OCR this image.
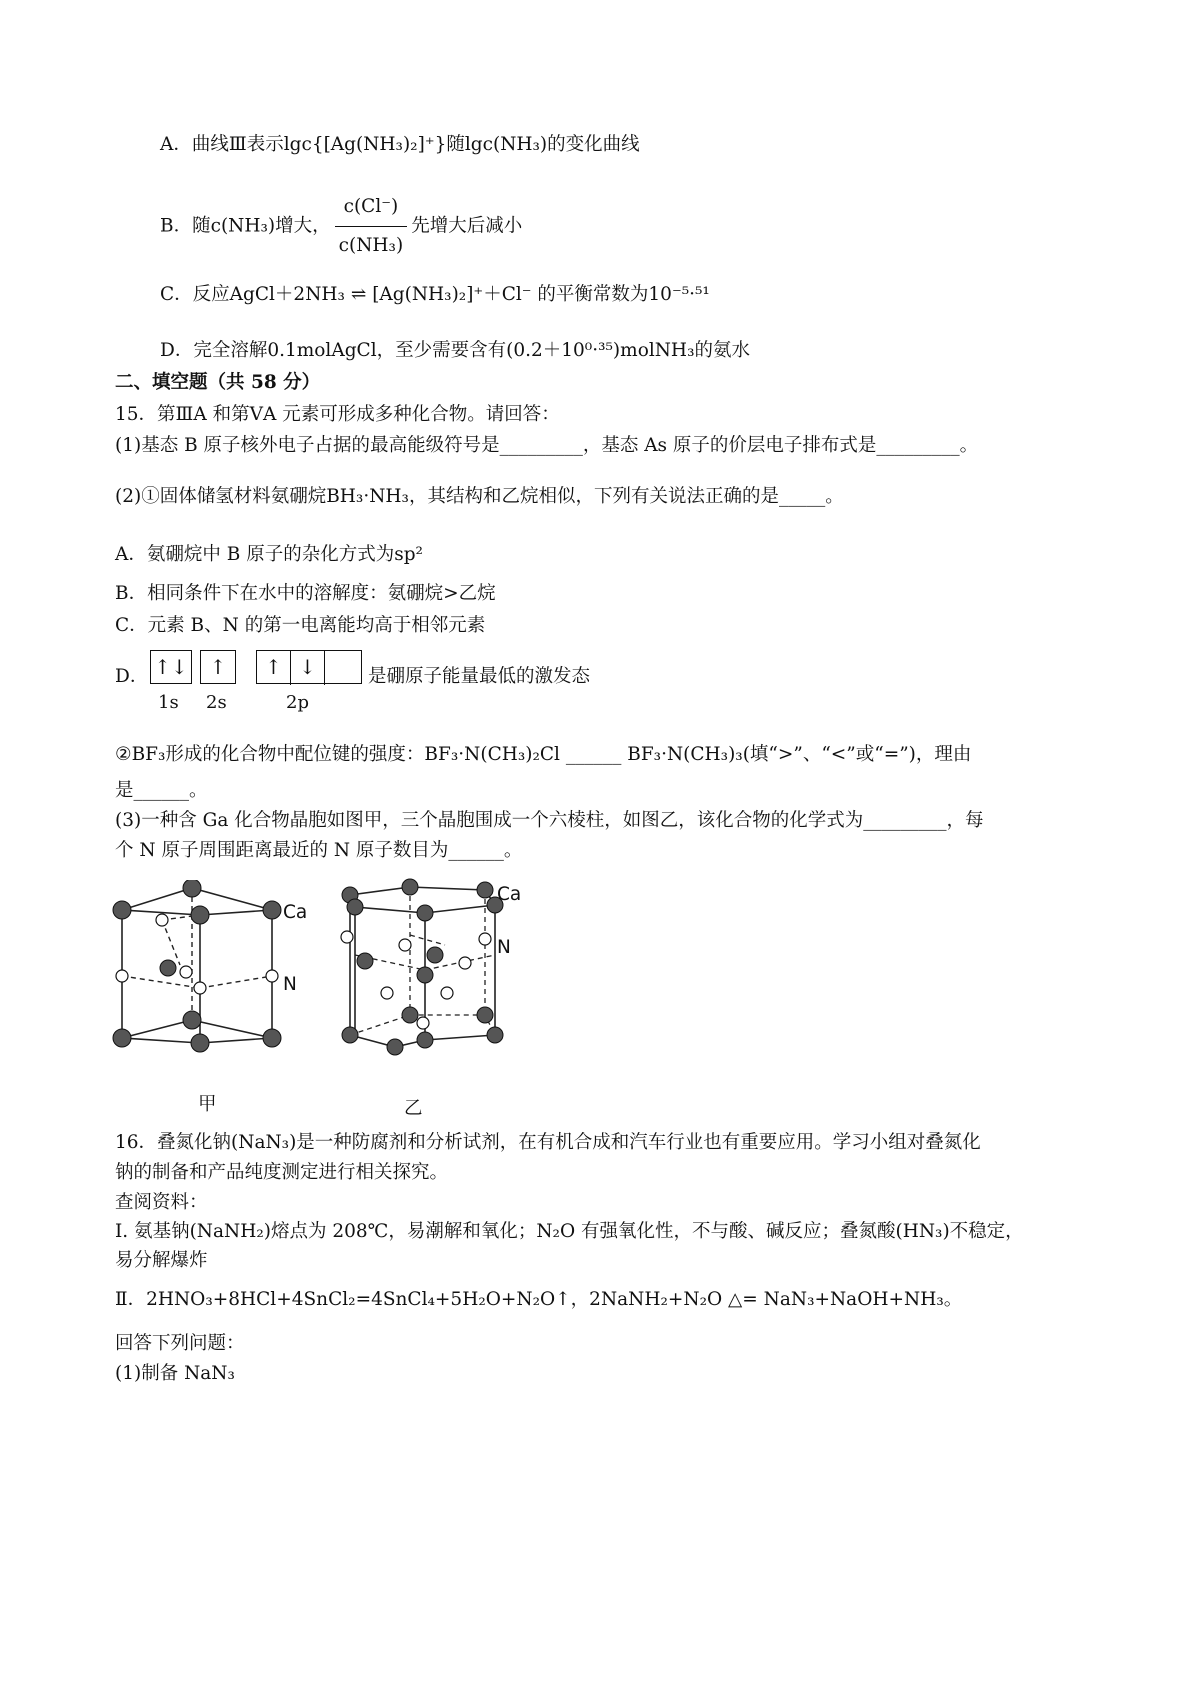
A．曲线Ⅲ表示lgc{[Ag(NH₃)₂]⁺}随lgc(NH₃)的变化曲线
B．随c(NH₃)增大， $\frac{c(Cl^-)}{\text{c(NH₃)}}$ 先增大后减小
C．反应AgCl＋2NH₃ ⇌ [Ag(NH₃)₂]⁺＋Cl⁻ 的平衡常数为10⁻⁵·⁵¹
D．完全溶解0.1molAgCl，至少需要含有(0.2＋10⁰·³⁵)molNH₃的氨水
二、填空题（共 58 分）
15．第ⅢA 和第ⅤA 元素可形成多种化合物。请回答：
(1)基态 B 原子核外电子占据的最高能级符号是_________，基态 As 原子的价层电子排布式是_________。
(2)①固体储氢材料氨硼烷BH₃·NH₃，其结构和乙烷相似，下列有关说法正确的是_____。
A．氨硼烷中 B 原子的杂化方式为sp²
B．相同条件下在水中的溶解度：氨硼烷>乙烷
C．元素 B、N 的第一电离能均高于相邻元素
D． ↑↓	↑	↑ ↓
1s 2s	2p
是硼原子能量最低的激发态
②BF₃形成的化合物中配位键的强度：BF₃·N(CH₃)₂Cl ______ BF₃·N(CH₃)₃(填“>”、“<”或“=”)，理由
是______。
(3)一种含 Ga 化合物晶胞如图甲，三个晶胞围成一个六棱柱，如图乙，该化合物的化学式为_________，每
个 N 原子周围距离最近的 N 原子数目为______。
Ca
N
甲
Ca
N
乙
16．叠氮化钠(NaN₃)是一种防腐剂和分析试剂，在有机合成和汽车行业也有重要应用。学习小组对叠氮化
钠的制备和产品纯度测定进行相关探究。
查阅资料：
I. 氨基钠(NaNH₂)熔点为 208℃，易潮解和氧化；N₂O 有强氧化性，不与酸、碱反应；叠氮酸(HN₃)不稳定，
易分解爆炸
Ⅱ．2HNO₃+8HCl+4SnCl₂=4SnCl₄+5H₂O+N₂O↑，2NaNH₂+N₂O △= NaN₃+NaOH+NH₃。
回答下列问题：
(1)制备 NaN₃
